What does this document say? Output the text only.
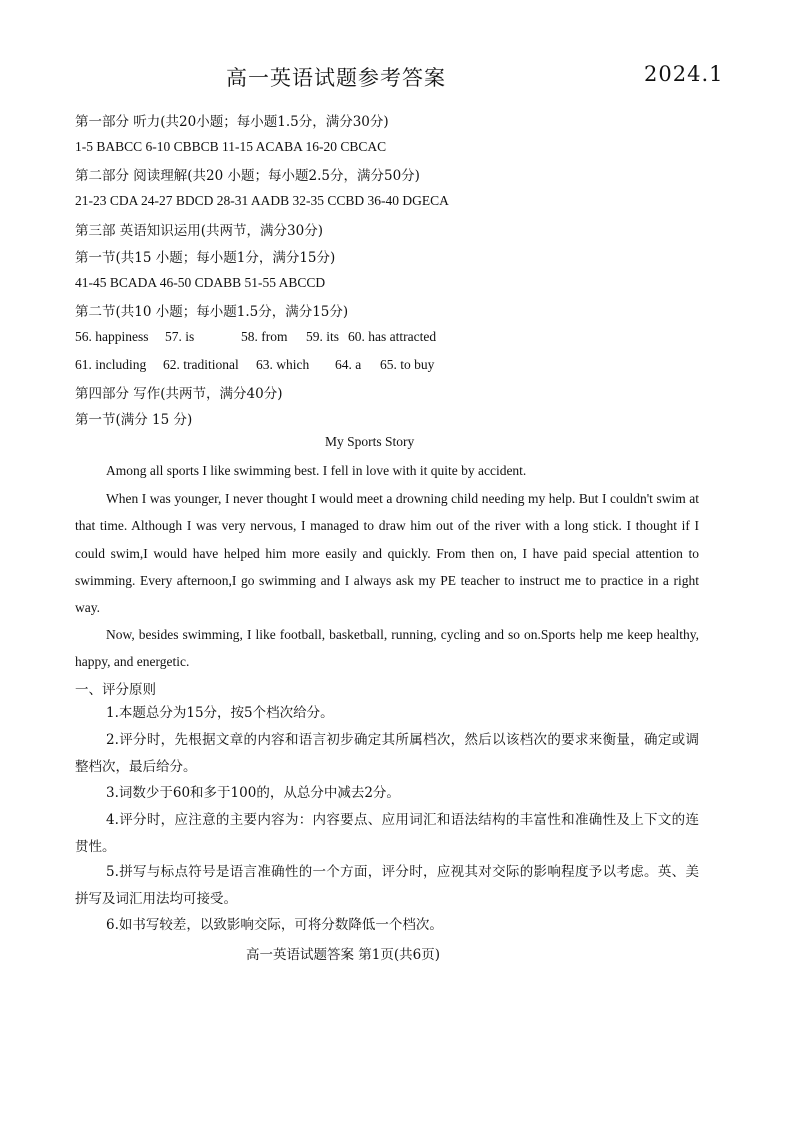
高一英语试题参考答案	2024.1
第一部分 听力(共20小题；每小题1.5分，满分30分)
1-5 BABCC 6-10 CBBCB 11-15 ACABA 16-20 CBCAC
第二部分 阅读理解(共20 小题；每小题2.5分，满分50分)
21-23 CDA 24-27 BDCD 28-31 AADB 32-35 CCBD 36-40 DGECA
第三部 英语知识运用(共两节，满分30分)
第一节(共15 小题；每小题1分，满分15分)
41-45 BCADA 46-50 CDABB 51-55 ABCCD
第二节(共10 小题；每小题1.5分，满分15分)
56. happiness 57. is	58. from 59. its 60. has attracted
61. including 62. traditional 63. which 64. a 65. to buy
第四部分 写作(共两节，满分40分)
第一节(满分 15 分)
My Sports Story
Among all sports I like swimming best. I fell in love with it quite by accident.
When I was younger, I never thought I would meet a drowning child needing my help. But I couldn't swim at that time. Although I was very nervous, I managed to draw him out of the river with a long stick. I thought if I could swim,I would have helped him more easily and quickly. From then on, I have paid special attention to swimming. Every afternoon,I go swimming and I always ask my PE teacher to instruct me to practice in a right way.
Now, besides swimming, I like football, basketball, running, cycling and so on.Sports help me keep healthy, happy, and energetic.
一、评分原则
1.本题总分为15分，按5个档次给分。
2.评分时，先根据文章的内容和语言初步确定其所属档次，然后以该档次的要求来衡量，确定或调整档次，最后给分。
3.词数少于60和多于100的，从总分中减去2分。
4.评分时，应注意的主要内容为：内容要点、应用词汇和语法结构的丰富性和准确性及上下文的连贯性。
5.拼写与标点符号是语言准确性的一个方面，评分时，应视其对交际的影响程度予以考虑。英、美拼写及词汇用法均可接受。
6.如书写较差，以致影响交际，可将分数降低一个档次。
高一英语试题答案 第1页(共6页)
